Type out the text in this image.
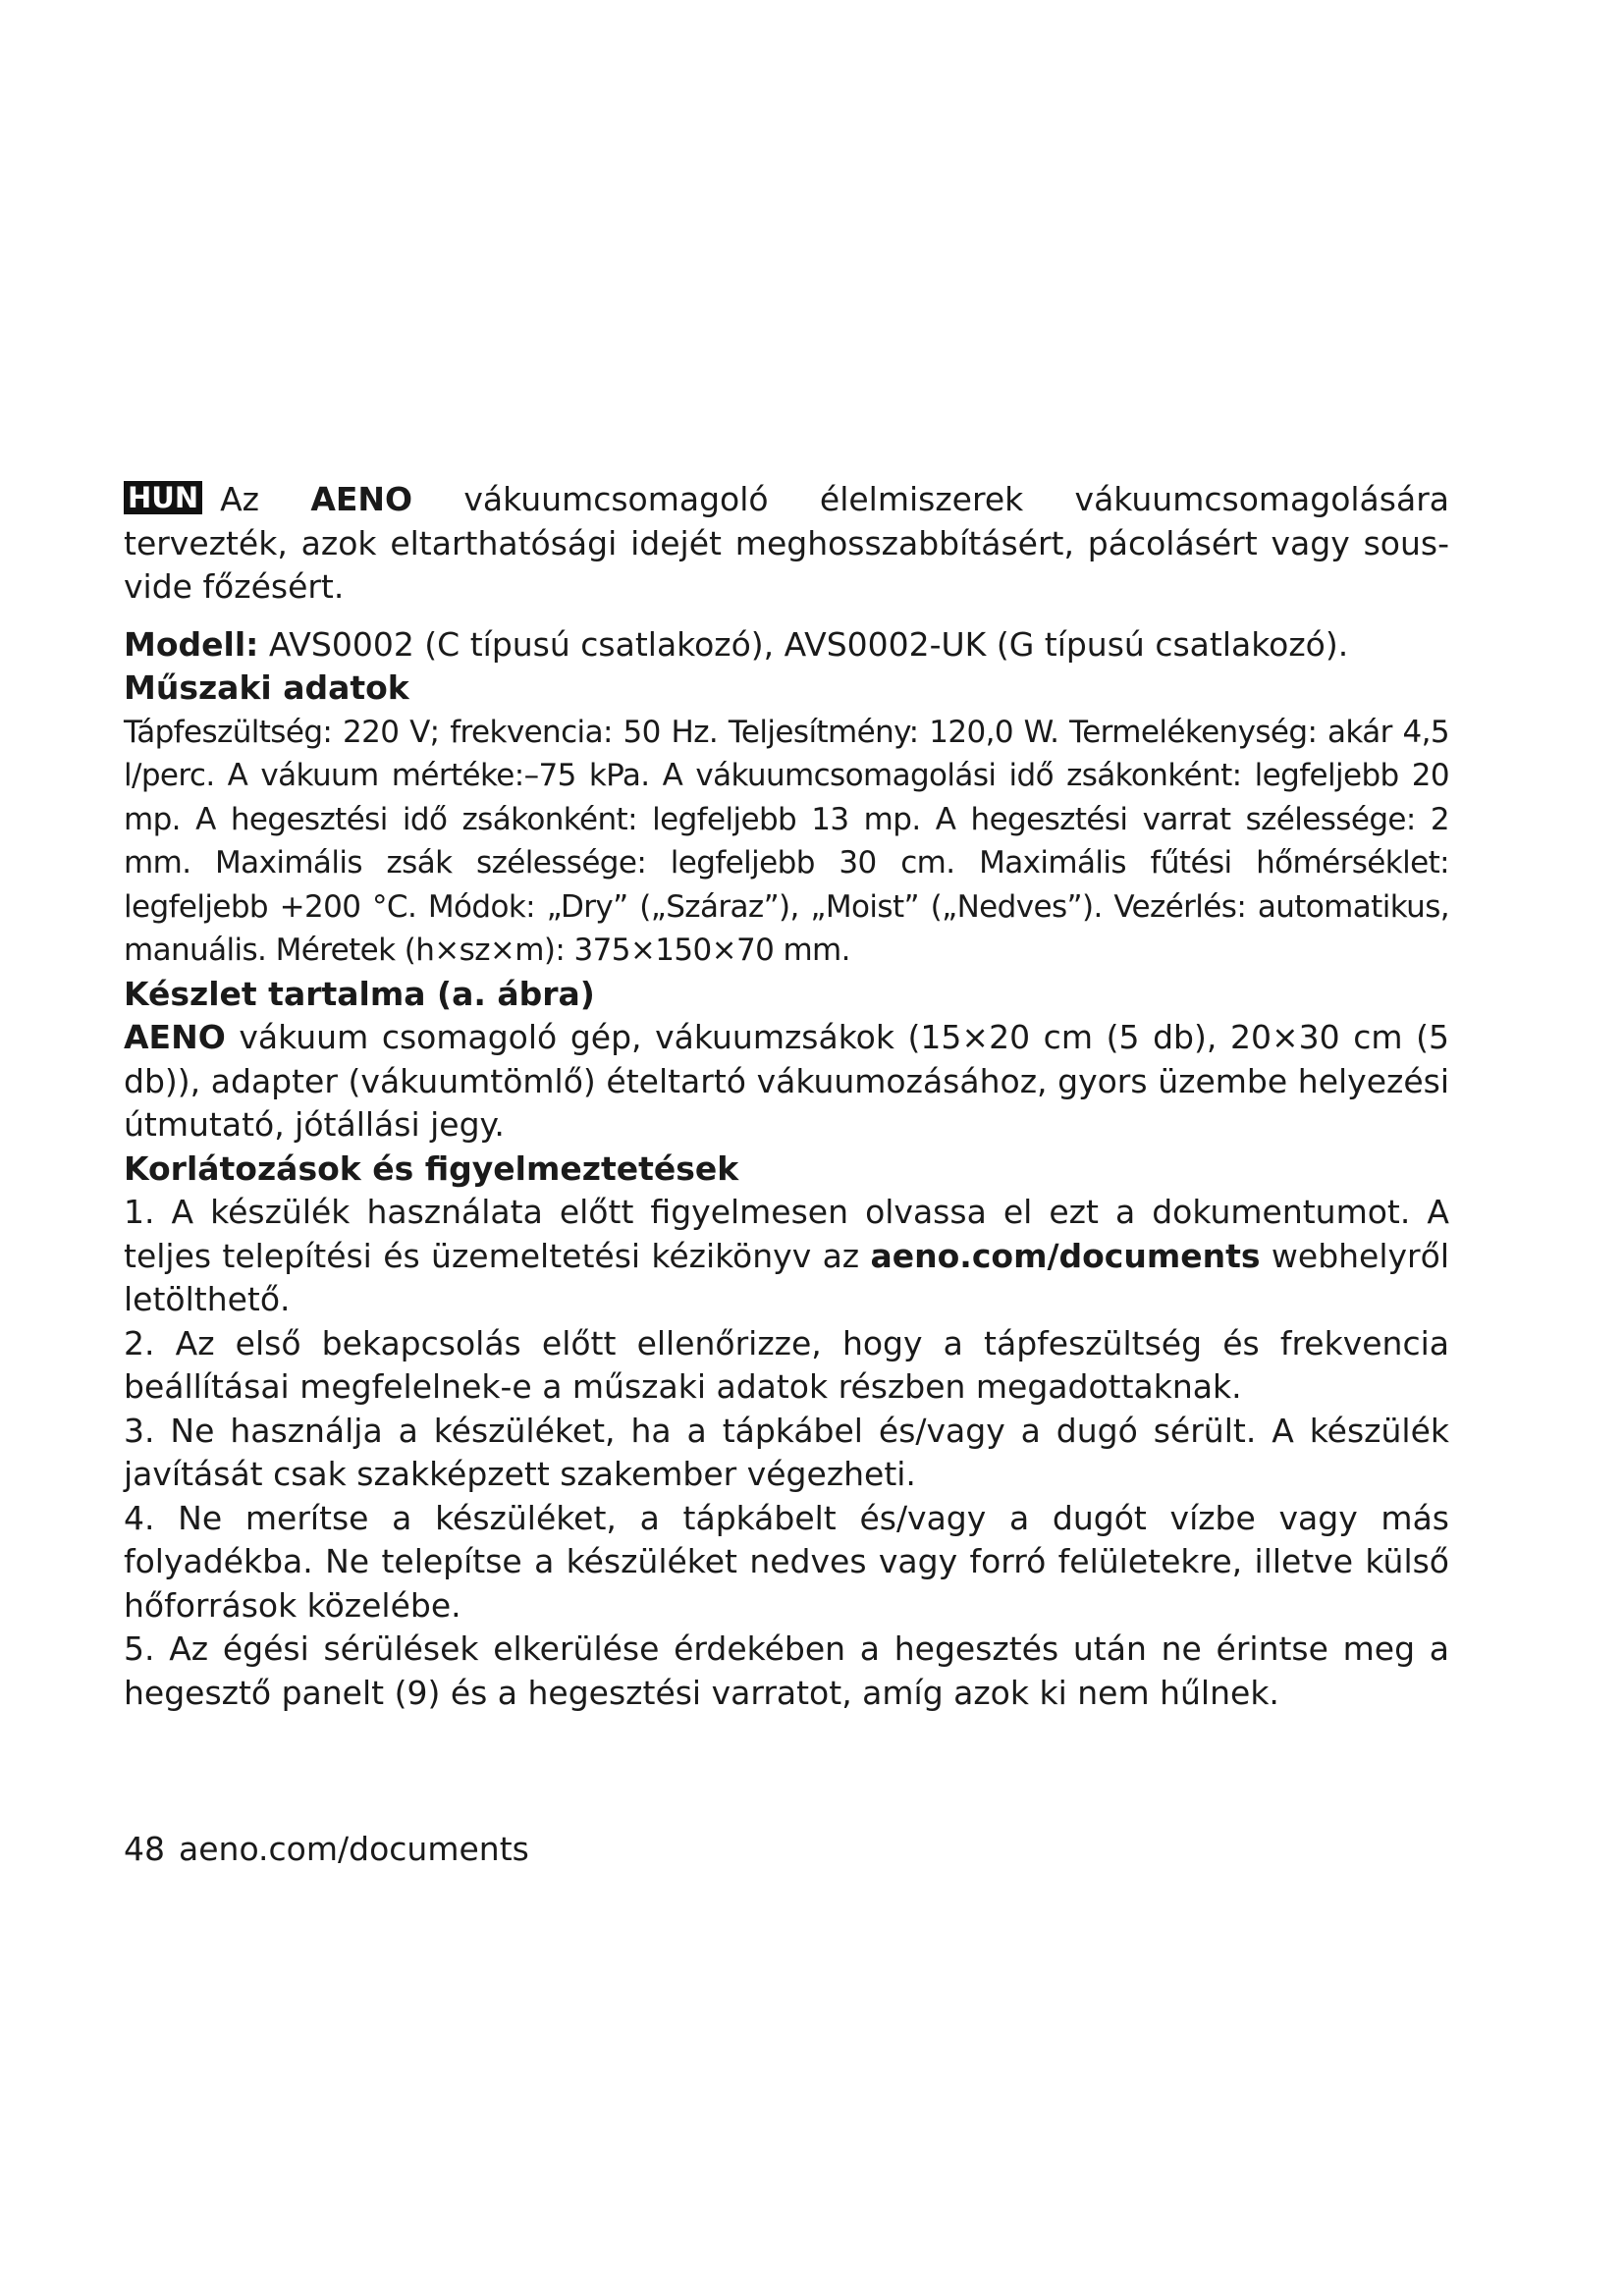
HUN Az AENO vákuumcsomagoló élelmiszerek vákuumcsomagolására tervezték, azok eltarthatósági idejét meghosszabbításért, pácolásért vagy sous-vide főzésért.

Modell: AVS0002 (C típusú csatlakozó), AVS0002-UK (G típusú csatlakozó).

Műszaki adatok

Tápfeszültség: 220 V; frekvencia: 50 Hz. Teljesítmény: 120,0 W. Termelékenység: akár 4,5 l/perc. A vákuum mértéke:–75 kPa. A vákuumcsomagolási idő zsákonként: legfeljebb 20 mp. A hegesztési idő zsákonként: legfeljebb 13 mp. A hegesztési varrat szélessége: 2 mm. Maximális zsák szélessége: legfeljebb 30 cm. Maximális fűtési hőmérséklet: legfeljebb +200 °C. Módok: „Dry” („Száraz”), „Moist” („Nedves”). Vezérlés: automatikus, manuális. Méretek (h×sz×m): 375×150×70 mm.

Készlet tartalma (a. ábra)

AENO vákuum csomagoló gép, vákuumzsákok (15×20 cm (5 db), 20×30 cm (5 db)), adapter (vákuumtömlő) ételtartó vákuumozásához, gyors üzembe helyezési útmutató, jótállási jegy.

Korlátozások és figyelmeztetések

1. A készülék használata előtt figyelmesen olvassa el ezt a dokumentumot. A teljes telepítési és üzemeltetési kézikönyv az aeno.com/documents webhelyről letölthető.

2. Az első bekapcsolás előtt ellenőrizze, hogy a tápfeszültség és frekvencia beállításai megfelelnek-e a műszaki adatok részben megadottaknak.

3. Ne használja a készüléket, ha a tápkábel és/vagy a dugó sérült. A készülék javítását csak szakképzett szakember végezheti.

4. Ne merítse a készüléket, a tápkábelt és/vagy a dugót vízbe vagy más folyadékba. Ne telepítse a készüléket nedves vagy forró felületekre, illetve külső hőforrások közelébe.

5. Az égési sérülések elkerülése érdekében a hegesztés után ne érintse meg a hegesztő panelt (9) és a hegesztési varratot, amíg azok ki nem hűlnek.

48 aeno.com/documents
